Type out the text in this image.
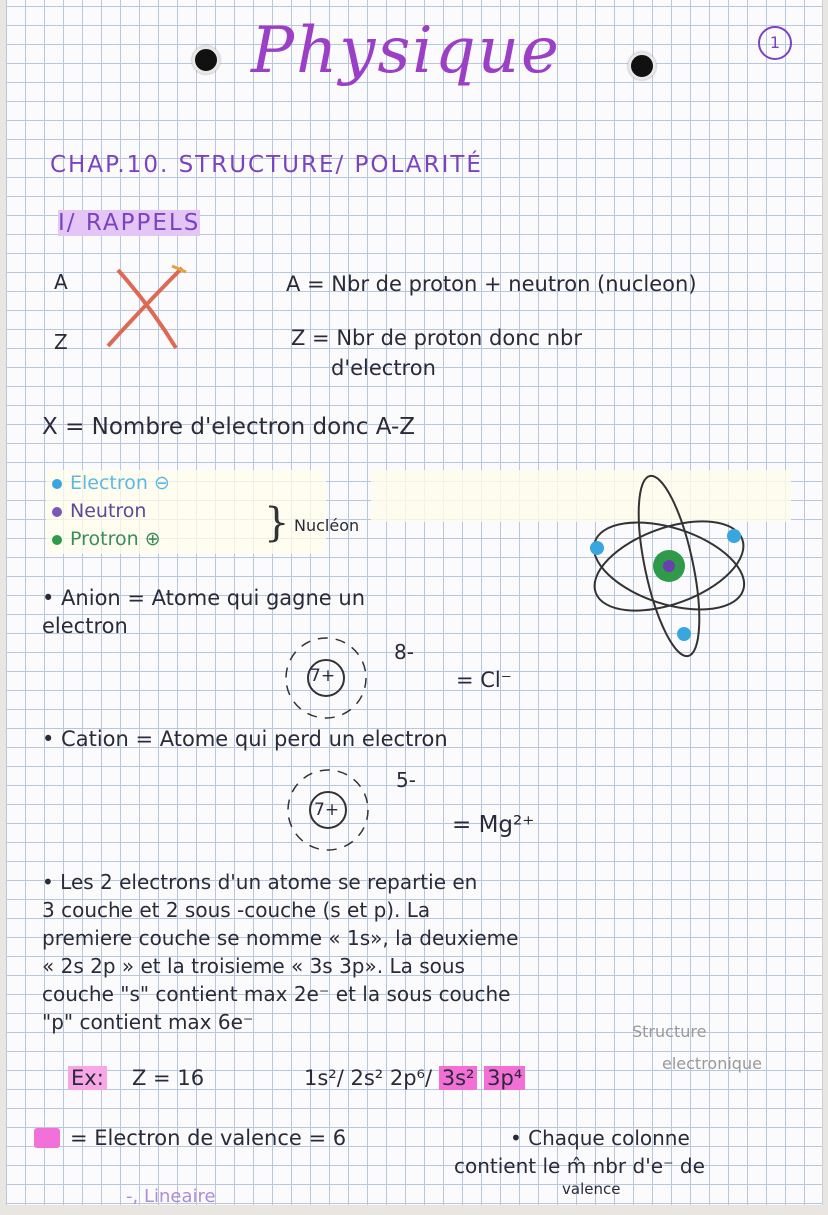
Physique	1
CHAP.10. STRUCTURE/ POLARITÉ
I/ RAPPELS
A
Z
A = Nbr de proton + neutron (nucleon)
Z = Nbr de proton donc nbr
d'electron
X = Nombre d'electron donc A-Z
Electron ⊖
Neutron
Protron ⊕	} Nucléon
• Anion = Atome qui gagne un
electron
7+
8-
= Cl⁻
• Cation = Atome qui perd un electron
7+
5-
= Mg²⁺
• Les 2 electrons d'un atome se repartie en
3 couche et 2 sous -couche (s et p). La
premiere couche se nomme « 1s», la deuxieme
« 2s 2p » et la troisieme « 3s 3p». La sous
couche "s" contient max 2e⁻ et la sous couche
"p" contient max 6e⁻
Ex: Z = 16	1s²/ 2s² 2p⁶/ 3s² 3p⁴
Structure
electronique
= Electron de valence = 6	• Chaque colonne
contient le m̂ nbr d'e⁻ de
valence
-, Lineaire
